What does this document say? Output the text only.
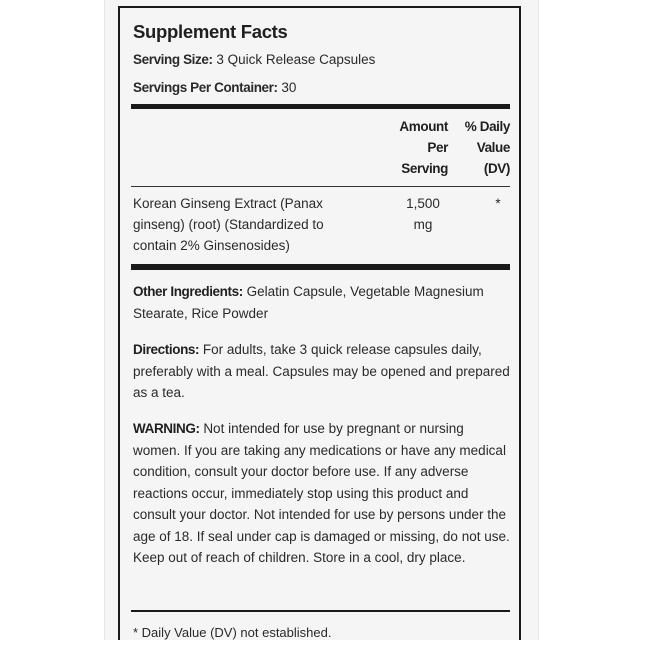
Supplement Facts
Serving Size: 3 Quick Release Capsules
Servings Per Container: 30
Amount
Per
Serving
% Daily
Value
(DV)
Korean Ginseng Extract (Panax
ginseng) (root) (Standardized to
contain 2% Ginsenosides)
1,500
mg
*
Other Ingredients: Gelatin Capsule, Vegetable Magnesium Stearate, Rice Powder
Directions: For adults, take 3 quick release capsules daily, preferably with a meal. Capsules may be opened and prepared as a tea.
WARNING: Not intended for use by pregnant or nursing women. If you are taking any medications or have any medical condition, consult your doctor before use. If any adverse reactions occur, immediately stop using this product and consult your doctor. Not intended for use by persons under the age of 18. If seal under cap is damaged or missing, do not use. Keep out of reach of children. Store in a cool, dry place.
* Daily Value (DV) not established.
